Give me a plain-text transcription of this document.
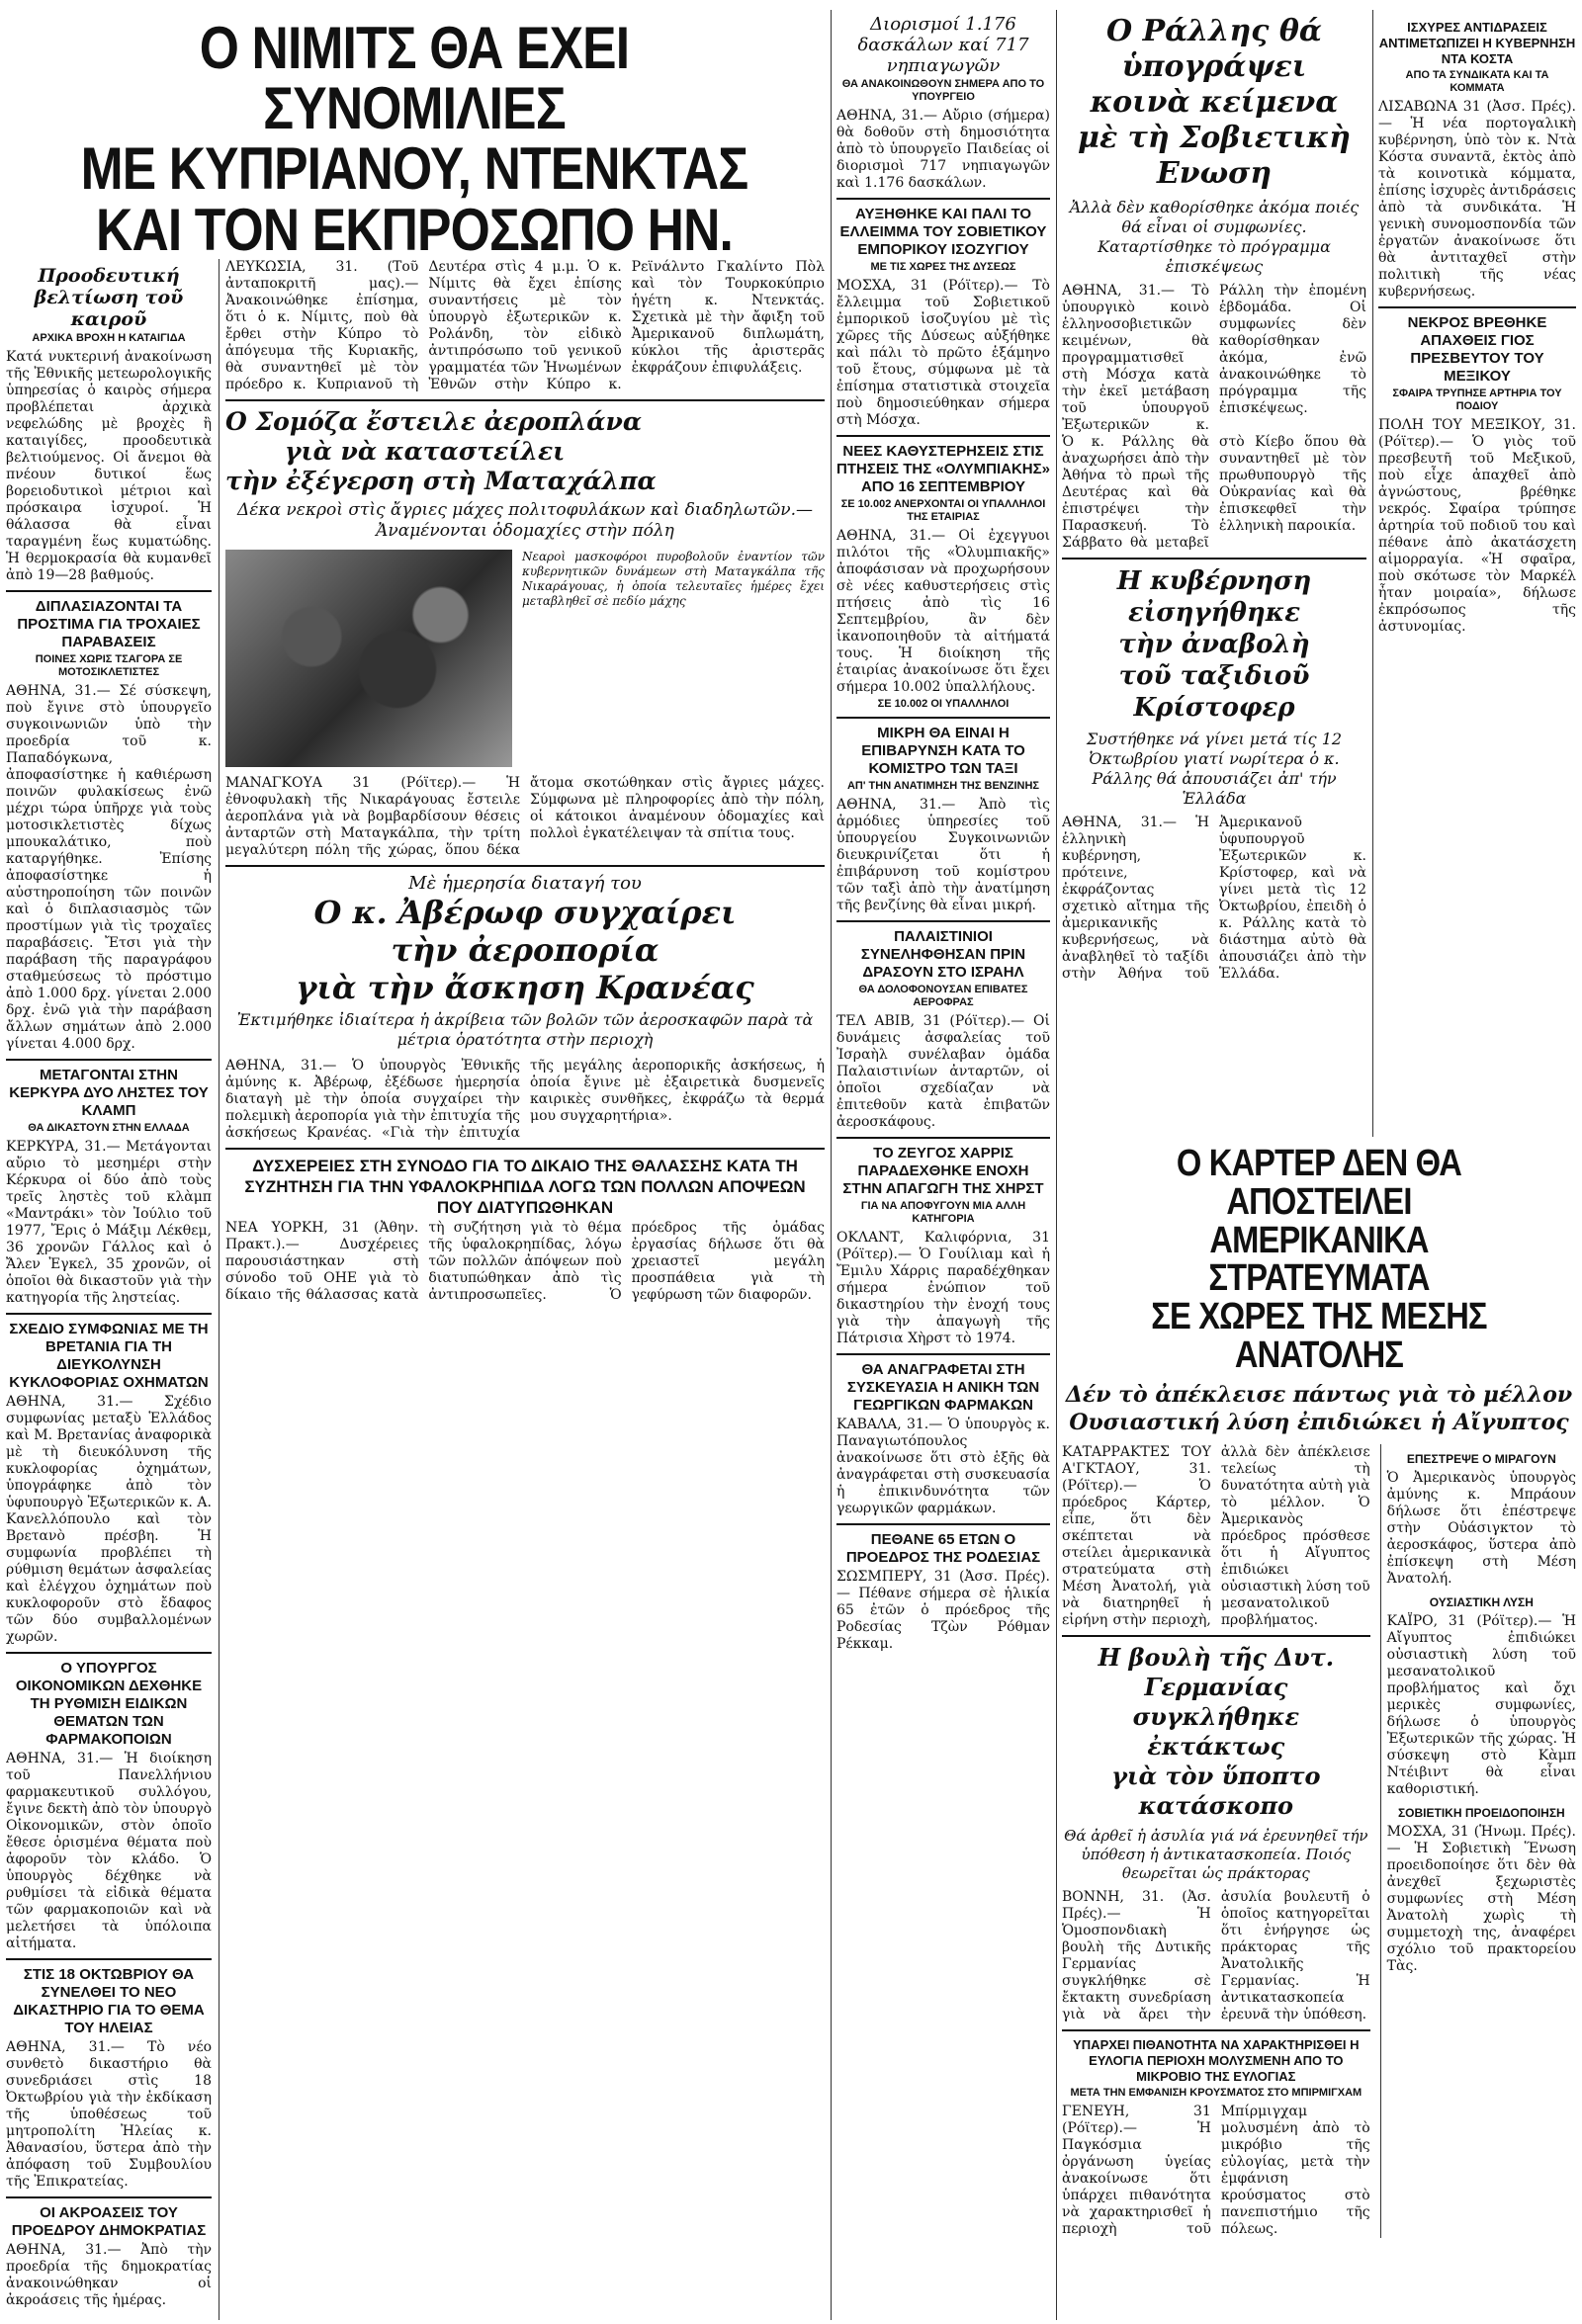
Ο ΝΙΜΙΤΣ ΘΑ ΕΧΕΙ ΣΥΝΟΜΙΛΙΕΣ

ΜΕ ΚΥΠΡΙΑΝΟΥ, ΝΤΕΝΚΤΑΣ

ΚΑΙ ΤΟΝ ΕΚΠΡΟΣΩΠΟ ΗΝ.

Προοδευτική βελτίωση τοῦ καιροῦ

ΑΡΧΙΚΑ ΒΡΟΧΗ Η ΚΑΤΑΙΓΙΔΑ

Κατά νυκτερινή ἀνακοίνωση τῆς Ἐθνικῆς μετεωρολογικῆς ὑπηρεσίας ὁ καιρὸς σήμερα προβλέπεται ἀρχικὰ νεφελώδης μὲ βροχὲς ἢ καταιγίδες, προοδευτικὰ βελτιούμενος. Οἱ ἄνεμοι θὰ πνέουν δυτικοί ἕως βορειοδυτικοὶ μέτριοι καὶ πρόσκαιρα ἰσχυροί. Ἡ θάλασσα θὰ εἶναι ταραγμένη ἕως κυματώδης. Ἡ θερμοκρασία θὰ κυμανθεῖ ἀπὸ 19—28 βαθμούς.

ΔΙΠΛΑΣΙΑΖΟΝΤΑΙ ΤΑ ΠΡΟΣΤΙΜΑ ΓΙΑ ΤΡΟΧΑΙΕΣ ΠΑΡΑΒΑΣΕΙΣ

ΠΟΙΝΕΣ ΧΩΡΙΣ ΤΣΑΓΟΡΑ ΣΕ ΜΟΤΟΣΙΚΛΕΤΙΣΤΕΣ

ΑΘΗΝΑ, 31.— Σέ σύσκεψη, ποὺ ἔγινε στὸ ὑπουργεῖο συγκοινωνιῶν ὑπὸ τὴν προεδρία τοῦ κ. Παπαδόγκωνα, ἀποφασίστηκε ἡ καθιέρωση ποινῶν φυλακίσεως ἐνῶ μέχρι τώρα ὑπῆρχε γιὰ τοὺς μοτοσικλετιστὲς δίχως μπουκαλάτικο, ποὺ καταργήθηκε. Ἐπίσης ἀποφασίστηκε ἡ αὐστηροποίηση τῶν ποινῶν καὶ ὁ διπλασιασμὸς τῶν προστίμων γιὰ τὶς τροχαῖες παραβάσεις. Ἔτσι γιὰ τὴν παράβαση τῆς παραγράφου σταθμεύσεως τὸ πρόστιμο ἀπὸ 1.000 δρχ. γίνεται 2.000 δρχ. ἐνῶ γιὰ τὴν παράβαση ἄλλων σημάτων ἀπὸ 2.000 γίνεται 4.000 δρχ.

ΜΕΤΑΓΟΝΤΑΙ ΣΤΗΝ ΚΕΡΚΥΡΑ ΔΥΟ ΛΗΣΤΕΣ ΤΟΥ ΚΛΑΜΠ

ΘΑ ΔΙΚΑΣΤΟΥΝ ΣΤΗΝ ΕΛΛΑΔΑ

ΚΕΡΚΥΡΑ, 31.— Μετάγονται αὔριο τὸ μεσημέρι στὴν Κέρκυρα οἱ δύο ἀπὸ τοὺς τρεῖς ληστὲς τοῦ κλὰμπ «Μαντράκι» τὸν Ἰούλιο τοῦ 1977, Ἔρις ὁ Μάξιμ Λέκθεμ, 36 χρονῶν Γάλλος καὶ ὁ Ἄλεν Ἐγκελ, 35 χρονῶν, οἱ ὁποῖοι θὰ δικαστοῦν γιὰ τὴν κατηγορία τῆς ληστείας.

ΣΧΕΔΙΟ ΣΥΜΦΩΝΙΑΣ ΜΕ ΤΗ ΒΡΕΤΑΝΙΑ ΓΙΑ ΤΗ ΔΙΕΥΚΟΛΥΝΣΗ ΚΥΚΛΟΦΟΡΙΑΣ ΟΧΗΜΑΤΩΝ

ΑΘΗΝΑ, 31.— Σχέδιο συμφωνίας μεταξὺ Ἑλλάδος καὶ Μ. Βρετανίας ἀναφορικὰ μὲ τὴ διευκόλυνση τῆς κυκλοφορίας ὀχημάτων, ὑπογράφηκε ἀπὸ τὸν ὑφυπουργὸ Ἐξωτερικῶν κ. Α. Κανελλόπουλο καὶ τὸν Βρετανὸ πρέσβη. Ἡ συμφωνία προβλέπει τὴ ρύθμιση θεμάτων ἀσφαλείας καὶ ἐλέγχου ὀχημάτων ποὺ κυκλοφοροῦν στὸ ἔδαφος τῶν δύο συμβαλλομένων χωρῶν.

Ο ΥΠΟΥΡΓΟΣ ΟΙΚΟΝΟΜΙΚΩΝ ΔΕΧΘΗΚΕ ΤΗ ΡΥΘΜΙΣΗ ΕΙΔΙΚΩΝ ΘΕΜΑΤΩΝ ΤΩΝ ΦΑΡΜΑΚΟΠΟΙΩΝ

ΑΘΗΝΑ, 31.— Ἡ διοίκηση τοῦ Πανελλήνιου φαρμακευτικοῦ συλλόγου, ἔγινε δεκτὴ ἀπὸ τὸν ὑπουργὸ Οἰκονομικῶν, στὸν ὁποῖο ἔθεσε ὁρισμένα θέματα ποὺ ἀφοροῦν τὸν κλάδο. Ὁ ὑπουργὸς δέχθηκε νὰ ρυθμίσει τὰ εἰδικὰ θέματα τῶν φαρμακοποιῶν καὶ νὰ μελετήσει τὰ ὑπόλοιπα αἰτήματα.

ΣΤΙΣ 18 ΟΚΤΩΒΡΙΟΥ ΘΑ ΣΥΝΕΛΘΕΙ ΤΟ ΝΕΟ ΔΙΚΑΣΤΗΡΙΟ ΓΙΑ ΤΟ ΘΕΜΑ ΤΟΥ ΗΛΕΙΑΣ

ΑΘΗΝΑ, 31.— Τὸ νέο συνθετὸ δικαστήριο θὰ συνεδριάσει στὶς 18 Ὀκτωβρίου γιὰ τὴν ἐκδίκαση τῆς ὑποθέσεως τοῦ μητροπολίτη Ἠλείας κ. Ἀθανασίου, ὕστερα ἀπὸ τὴν ἀπόφαση τοῦ Συμβουλίου τῆς Ἐπικρατείας.

ΟΙ ΑΚΡΟΑΣΕΙΣ ΤΟΥ ΠΡΟΕΔΡΟΥ ΔΗΜΟΚΡΑΤΙΑΣ

ΑΘΗΝΑ, 31.— Ἀπὸ τὴν προεδρία τῆς δημοκρατίας ἀνακοινώθηκαν οἱ ἀκροάσεις τῆς ἡμέρας.

ΛΕΥΚΩΣΙΑ, 31. (Τοῦ ἀνταποκριτῆ μας).— Ἀνακοινώθηκε ἐπίσημα, ὅτι ὁ κ. Νίμιτς, ποὺ θὰ ἔρθει στὴν Κύπρο τὸ ἀπόγευμα τῆς Κυριακῆς, θὰ συναντηθεῖ μὲ τὸν πρόεδρο κ. Κυπριανοῦ τὴ Δευτέρα στὶς 4 μ.μ. Ὁ κ. Νίμιτς θὰ ἔχει ἐπίσης συναντήσεις μὲ τὸν ὑπουργὸ ἐξωτερικῶν κ. Ρολάνδη, τὸν εἰδικὸ ἀντιπρόσωπο τοῦ γενικοῦ γραμματέα τῶν Ἡνωμένων Ἐθνῶν στὴν Κύπρο κ. Ρεϊνάλντο Γκαλίντο Πὸλ καὶ τὸν Τουρκοκύπριο ἡγέτη κ. Ντενκτάς. Σχετικὰ μὲ τὴν ἄφιξη τοῦ Ἀμερικανοῦ διπλωμάτη, κύκλοι τῆς ἀριστερᾶς ἐκφράζουν ἐπιφυλάξεις.

Ο Σομόζα ἔστειλε ἀεροπλάνα

γιὰ νὰ καταστείλει

τὴν ἐξέγερση στὴ Ματαχάλπα

Δέκα νεκροὶ στὶς ἄγριες μάχες πολιτοφυλάκων καὶ διαδηλωτῶν.— Ἀναμένονται ὁδομαχίες στὴν πόλη

Νεαροὶ μασκοφόροι πυροβολοῦν ἐναντίον τῶν κυβερνητικῶν δυνάμεων στὴ Ματαγκάλπα τῆς Νικαράγουας, ἡ ὁποία τελευταῖες ἡμέρες ἔχει μεταβληθεῖ σὲ πεδίο μάχης

ΜΑΝΑΓΚΟΥΑ 31 (Ρόϊτερ).— Ἡ ἐθνοφυλακὴ τῆς Νικαράγουας ἔστειλε ἀεροπλάνα γιὰ νὰ βομβαρδίσουν θέσεις ἀνταρτῶν στὴ Ματαγκάλπα, τὴν τρίτη μεγαλύτερη πόλη τῆς χώρας, ὅπου δέκα ἄτομα σκοτώθηκαν στὶς ἄγριες μάχες. Σύμφωνα μὲ πληροφορίες ἀπὸ τὴν πόλη, οἱ κάτοικοι ἀναμένουν ὁδομαχίες καὶ πολλοὶ ἐγκατέλειψαν τὰ σπίτια τους.

Μὲ ἡμερησία διαταγή του

Ο κ. Ἀβέρωφ συγχαίρει

τὴν ἀεροπορία

γιὰ τὴν ἄσκηση Κρανέας

Ἐκτιμήθηκε ἰδιαίτερα ἡ ἀκρίβεια τῶν βολῶν τῶν ἀεροσκαφῶν παρὰ τὰ μέτρια ὁρατότητα στὴν περιοχὴ

ΑΘΗΝΑ, 31.— Ὁ ὑπουργὸς Ἐθνικῆς ἀμύνης κ. Ἀβέρωφ, ἐξέδωσε ἡμερησία διαταγὴ μὲ τὴν ὁποία συγχαίρει τὴν πολεμικὴ ἀεροπορία γιὰ τὴν ἐπιτυχία τῆς ἀσκήσεως Κρανέας. «Γιὰ τὴν ἐπιτυχία τῆς μεγάλης ἀεροπορικῆς ἀσκήσεως, ἡ ὁποία ἔγινε μὲ ἐξαιρετικὰ δυσμενεῖς καιρικὲς συνθῆκες, ἐκφράζω τὰ θερμά μου συγχαρητήρια».

ΔΥΣΧΕΡΕΙΕΣ ΣΤΗ ΣΥΝΟΔΟ ΓΙΑ ΤΟ ΔΙΚΑΙΟ ΤΗΣ ΘΑΛΑΣΣΗΣ ΚΑΤΑ ΤΗ ΣΥΖΗΤΗΣΗ ΓΙΑ ΤΗΝ ΥΦΑΛΟΚΡΗΠΙΔΑ ΛΟΓΩ ΤΩΝ ΠΟΛΛΩΝ ΑΠΟΨΕΩΝ ΠΟΥ ΔΙΑΤΥΠΩΘΗΚΑΝ

ΝΕΑ ΥΟΡΚΗ, 31 (Ἀθην. Πρακτ.).— Δυσχέρειες παρουσιάστηκαν στὴ σύνοδο τοῦ ΟΗΕ γιὰ τὸ δίκαιο τῆς θάλασσας κατὰ τὴ συζήτηση γιὰ τὸ θέμα τῆς ὑφαλοκρηπίδας, λόγω τῶν πολλῶν ἀπόψεων ποὺ διατυπώθηκαν ἀπὸ τὶς ἀντιπροσωπεῖες. Ὁ πρόεδρος τῆς ὁμάδας ἐργασίας δήλωσε ὅτι θὰ χρειαστεῖ μεγάλη προσπάθεια γιὰ τὴ γεφύρωση τῶν διαφορῶν.

Διορισμοί 1.176 δασκάλων καί 717 νηπιαγωγῶν

ΘΑ ΑΝΑΚΟΙΝΩΘΟΥΝ ΣΗΜΕΡΑ ΑΠΟ ΤΟ ΥΠΟΥΡΓΕΙΟ

ΑΘΗΝΑ, 31.— Αὔριο (σήμερα) θὰ δοθοῦν στὴ δημοσιότητα ἀπὸ τὸ ὑπουργεῖο Παιδείας οἱ διορισμοὶ 717 νηπιαγωγῶν καὶ 1.176 δασκάλων.

ΑΥΞΗΘΗΚΕ ΚΑΙ ΠΑΛΙ ΤΟ ΕΛΛΕΙΜΜΑ ΤΟΥ ΣΟΒΙΕΤΙΚΟΥ ΕΜΠΟΡΙΚΟΥ ΙΣΟΖΥΓΙΟΥ

ΜΕ ΤΙΣ ΧΩΡΕΣ ΤΗΣ ΔΥΣΕΩΣ

ΜΟΣΧΑ, 31 (Ρόϊτερ).— Τὸ ἔλλειμμα τοῦ Σοβιετικοῦ ἐμπορικοῦ ἰσοζυγίου μὲ τὶς χῶρες τῆς Δύσεως αὐξήθηκε καὶ πάλι τὸ πρῶτο ἑξάμηνο τοῦ ἔτους, σύμφωνα μὲ τὰ ἐπίσημα στατιστικὰ στοιχεῖα ποὺ δημοσιεύθηκαν σήμερα στὴ Μόσχα.

ΝΕΕΣ ΚΑΘΥΣΤΕΡΗΣΕΙΣ ΣΤΙΣ ΠΤΗΣΕΙΣ ΤΗΣ «ΟΛΥΜΠΙΑΚΗΣ» ΑΠΟ 16 ΣΕΠΤΕΜΒΡΙΟΥ

ΣΕ 10.002 ΑΝΕΡΧΟΝΤΑΙ ΟΙ ΥΠΑΛΛΗΛΟΙ ΤΗΣ ΕΤΑΙΡΙΑΣ

ΑΘΗΝΑ, 31.— Οἱ ἐχεγγυοι πιλότοι τῆς «Ὀλυμπιακῆς» ἀποφάσισαν νὰ προχωρήσουν σὲ νέες καθυστερήσεις στὶς πτήσεις ἀπὸ τὶς 16 Σεπτεμβρίου, ἂν δὲν ἱκανοποιηθοῦν τὰ αἰτήματά τους. Ἡ διοίκηση τῆς ἑταιρίας ἀνακοίνωσε ὅτι ἔχει σήμερα 10.002 ὑπαλλήλους.

ΣΕ 10.002 ΟΙ ΥΠΑΛΛΗΛΟΙ

ΜΙΚΡΗ ΘΑ ΕΙΝΑΙ Η ΕΠΙΒΑΡΥΝΣΗ ΚΑΤΑ ΤΟ ΚΟΜΙΣΤΡΟ ΤΩΝ ΤΑΞΙ

ΑΠ' ΤΗΝ ΑΝΑΤΙΜΗΣΗ ΤΗΣ ΒΕΝΖΙΝΗΣ

ΑΘΗΝΑ, 31.— Ἀπὸ τὶς ἁρμόδιες ὑπηρεσίες τοῦ ὑπουργείου Συγκοινωνιῶν διευκρινίζεται ὅτι ἡ ἐπιβάρυνση τοῦ κομίστρου τῶν ταξὶ ἀπὸ τὴν ἀνατίμηση τῆς βενζίνης θὰ εἶναι μικρή.

ΠΑΛΑΙΣΤΙΝΙΟΙ ΣΥΝΕΛΗΦΘΗΣΑΝ ΠΡΙΝ ΔΡΑΣΟΥΝ ΣΤΟ ΙΣΡΑΗΛ

ΘΑ ΔΟΛΟΦΟΝΟΥΣΑΝ ΕΠΙΒΑΤΕΣ ΑΕΡΟΦΡΑΣ

ΤΕΛ ΑΒΙΒ, 31 (Ρόϊτερ).— Οἱ δυνάμεις ἀσφαλείας τοῦ Ἰσραὴλ συνέλαβαν ὁμάδα Παλαιστινίων ἀνταρτῶν, οἱ ὁποῖοι σχεδίαζαν νὰ ἐπιτεθοῦν κατὰ ἐπιβατῶν ἀεροσκάφους.

ΤΟ ΖΕΥΓΟΣ ΧΑΡΡΙΣ ΠΑΡΑΔΕΧΘΗΚΕ ΕΝΟΧΗ ΣΤΗΝ ΑΠΑΓΩΓΗ ΤΗΣ ΧΗΡΣΤ

ΓΙΑ ΝΑ ΑΠΟΦΥΓΟΥΝ ΜΙΑ ΑΛΛΗ ΚΑΤΗΓΟΡΙΑ

ΟΚΛΑΝΤ, Καλιφόρνια, 31 (Ρόϊτερ).— Ὁ Γουίλιαμ καὶ ἡ Ἔμιλυ Χάρρις παραδέχθηκαν σήμερα ἐνώπιον τοῦ δικαστηρίου τὴν ἐνοχή τους γιὰ τὴν ἀπαγωγὴ τῆς Πάτρισια Χὴρστ τὸ 1974.

ΘΑ ΑΝΑΓΡΑΦΕΤΑΙ ΣΤΗ ΣΥΣΚΕΥΑΣΙΑ Η ΑΝΙΚΗ ΤΩΝ ΓΕΩΡΓΙΚΩΝ ΦΑΡΜΑΚΩΝ

ΚΑΒΑΛΑ, 31.— Ὁ ὑπουργὸς κ. Παναγιωτόπουλος ἀνακοίνωσε ὅτι στὸ ἑξῆς θὰ ἀναγράφεται στὴ συσκευασία ἡ ἐπικινδυνότητα τῶν γεωργικῶν φαρμάκων.

ΠΕΘΑΝΕ 65 ΕΤΩΝ Ο ΠΡΟΕΔΡΟΣ ΤΗΣ ΡΟΔΕΣΙΑΣ

ΣΩΣΜΠΕΡΥ, 31 (Ἀσσ. Πρές).— Πέθανε σήμερα σὲ ἡλικία 65 ἐτῶν ὁ πρόεδρος τῆς Ροδεσίας Τζὼν Ρόθμαν Ρέκκαμ.

Ο Ράλλης θά ὑπογράψει

κοινὰ κείμενα

μὲ τὴ Σοβιετικὴ Ενωση

Ἀλλὰ δὲν καθορίσθηκε ἀκόμα ποιές θά εἶναι οἱ συμφωνίες. Καταρτίσθηκε τὸ πρόγραμμα ἐπισκέψεως

ΑΘΗΝΑ, 31.— Τὸ ὑπουργικὸ κοινὸ ἑλληνοσοβιετικῶν κειμένων, θὰ προγραμματισθεῖ στὴ Μόσχα κατὰ τὴν ἐκεῖ μετάβαση τοῦ ὑπουργοῦ Ἐξωτερικῶν κ. Ράλλη τὴν ἑπομένη ἑβδομάδα. Οἱ συμφωνίες δὲν καθορίσθηκαν ἀκόμα, ἐνῶ ἀνακοινώθηκε τὸ πρόγραμμα τῆς ἐπισκέψεως.

Ὁ κ. Ράλλης θὰ ἀναχωρήσει ἀπὸ τὴν Ἀθήνα τὸ πρωὶ τῆς Δευτέρας καὶ θὰ ἐπιστρέψει τὴν Παρασκευή. Τὸ Σάββατο θὰ μεταβεῖ στὸ Κίεβο ὅπου θὰ συναντηθεῖ μὲ τὸν πρωθυπουργὸ τῆς Οὐκρανίας καὶ θὰ ἐπισκεφθεῖ τὴν ἑλληνικὴ παροικία.

Η κυβέρνηση εἰσηγήθηκε

τὴν ἀναβολὴ

τοῦ ταξιδιοῦ Κρίστοφερ

Συστήθηκε νά γίνει μετά τίς 12 Ὀκτωβρίου γιατί νωρίτερα ὁ κ. Ράλλης θά ἀπουσιάζει ἀπ' τήν Ἑλλάδα

ΑΘΗΝΑ, 31.— Ἡ ἑλληνικὴ κυβέρνηση, πρότεινε, ἐκφράζοντας σχετικὸ αἴτημα τῆς ἀμερικανικῆς κυβερνήσεως, νὰ ἀναβληθεῖ τὸ ταξίδι στὴν Ἀθήνα τοῦ Ἀμερικανοῦ ὑφυπουργοῦ Ἐξωτερικῶν κ. Κρίστοφερ, καὶ νὰ γίνει μετὰ τὶς 12 Ὀκτωβρίου, ἐπειδὴ ὁ κ. Ράλλης κατὰ τὸ διάστημα αὐτὸ θὰ ἀπουσιάζει ἀπὸ τὴν Ἑλλάδα.

ΙΣΧΥΡΕΣ ΑΝΤΙΔΡΑΣΕΙΣ ΑΝΤΙΜΕΤΩΠΙΖΕΙ Η ΚΥΒΕΡΝΗΣΗ ΝΤΑ ΚΟΣΤΑ

ΑΠΟ ΤΑ ΣΥΝΔΙΚΑΤΑ ΚΑΙ ΤΑ ΚΟΜΜΑΤΑ

ΛΙΣΑΒΩΝΑ 31 (Ἀσσ. Πρές).— Ἡ νέα πορτογαλικὴ κυβέρνηση, ὑπὸ τὸν κ. Ντὰ Κόστα συναντᾶ, ἐκτὸς ἀπὸ τὰ κοινοτικὰ κόμματα, ἐπίσης ἰσχυρὲς ἀντιδράσεις ἀπὸ τὰ συνδικάτα. Ἡ γενικὴ συνομοσπονδία τῶν ἐργατῶν ἀνακοίνωσε ὅτι θὰ ἀντιταχθεῖ στὴν πολιτικὴ τῆς νέας κυβερνήσεως.

ΝΕΚΡΟΣ ΒΡΕΘΗΚΕ ΑΠΑΧΘΕΙΣ ΓΙΟΣ ΠΡΕΣΒΕΥΤΟΥ ΤΟΥ ΜΕΞΙΚΟΥ

ΣΦΑΙΡΑ ΤΡΥΠΗΣΕ ΑΡΤΗΡΙΑ ΤΟΥ ΠΟΔΙΟΥ

ΠΟΛΗ ΤΟΥ ΜΕΞΙΚΟΥ, 31. (Ρόϊτερ).— Ὁ γιὸς τοῦ πρεσβευτῆ τοῦ Μεξικοῦ, ποὺ εἶχε ἀπαχθεῖ ἀπὸ ἀγνώστους, βρέθηκε νεκρός. Σφαίρα τρύπησε ἀρτηρία τοῦ ποδιοῦ του καὶ πέθανε ἀπὸ ἀκατάσχετη αἱμορραγία. «Ἡ σφαῖρα, ποὺ σκότωσε τὸν Μαρκέλ ἦταν μοιραία», δήλωσε ἐκπρόσωπος τῆς ἀστυνομίας.

Ο ΚΑΡΤΕΡ ΔΕΝ ΘΑ ΑΠΟΣΤΕΙΛΕΙ

ΑΜΕΡΙΚΑΝΙΚΑ ΣΤΡΑΤΕΥΜΑΤΑ

ΣΕ ΧΩΡΕΣ ΤΗΣ ΜΕΣΗΣ ΑΝΑΤΟΛΗΣ

Δέν τὸ ἀπέκλεισε πάντως γιὰ τὸ μέλλον

Ουσιαστική λύση ἐπιδιώκει ἡ Αἴγυπτος

ΚΑΤΑΡΡΑΚΤΕΣ ΤΟΥ Α'ΓΚΤΑΟΥ, 31. (Ρόϊτερ).— Ὁ πρόεδρος Κάρτερ, εἶπε, ὅτι δὲν σκέπτεται νὰ στείλει ἀμερικανικὰ στρατεύματα στὴ Μέση Ἀνατολή, γιὰ νὰ διατηρηθεῖ ἡ εἰρήνη στὴν περιοχὴ, ἀλλὰ δὲν ἀπέκλεισε τελείως τὴ δυνατότητα αὐτὴ γιὰ τὸ μέλλον. Ὁ Ἀμερικανὸς πρόεδρος πρόσθεσε ὅτι ἡ Αἴγυπτος ἐπιδιώκει οὐσιαστικὴ λύση τοῦ μεσανατολικοῦ προβλήματος.

Η βουλὴ τῆς Δυτ. Γερμανίας

συγκλήθηκε ἐκτάκτως

γιὰ τὸν ὕποπτο κατάσκοπο

Θά ἀρθεῖ ἡ ἀσυλία γιά νά ἐρευνηθεῖ τήν ὑπόθεση ἡ ἀντικατασκοπεία. Ποιός θεωρεῖται ὡς πράκτορας

ΒΟΝΝΗ, 31. (Ἀσ. Πρές).— Ἡ Ὁμοσπονδιακὴ βουλὴ τῆς Δυτικῆς Γερμανίας συγκλήθηκε σὲ ἔκτακτη συνεδρίαση γιὰ νὰ ἄρει τὴν ἀσυλία βουλευτῆ ὁ ὁποῖος κατηγορεῖται ὅτι ἐνήργησε ὡς πράκτορας τῆς Ἀνατολικῆς Γερμανίας. Ἡ ἀντικατασκοπεία ἐρευνᾶ τὴν ὑπόθεση.

ΥΠΑΡΧΕΙ ΠΙΘΑΝΟΤΗΤΑ ΝΑ ΧΑΡΑΚΤΗΡΙΣΘΕΙ Η ΕΥΛΟΓΙΑ ΠΕΡΙΟΧΗ ΜΟΛΥΣΜΕΝΗ ΑΠΟ ΤΟ ΜΙΚΡΟΒΙΟ ΤΗΣ ΕΥΛΟΓΙΑΣ

ΜΕΤΑ ΤΗΝ ΕΜΦΑΝΙΣΗ ΚΡΟΥΣΜΑΤΟΣ ΣΤΟ ΜΠΙΡΜΙΓΧΑΜ

ΓΕΝΕΥΗ, 31 (Ρόϊτερ).— Ἡ Παγκόσμια ὀργάνωση ὑγείας ἀνακοίνωσε ὅτι ὑπάρχει πιθανότητα νὰ χαρακτηρισθεῖ ἡ περιοχὴ τοῦ Μπίρμιγχαμ μολυσμένη ἀπὸ τὸ μικρόβιο τῆς εὐλογίας, μετὰ τὴν ἐμφάνιση κρούσματος στὸ πανεπιστήμιο τῆς πόλεως.

ΕΠΕΣΤΡΕΨΕ Ο ΜΙΡΑΓΟΥΝ

Ὁ Ἀμερικανὸς ὑπουργὸς ἀμύνης κ. Μπράουν δήλωσε ὅτι ἐπέστρεψε στὴν Οὐάσιγκτον τὸ ἀεροσκάφος, ὕστερα ἀπὸ ἐπίσκεψη στὴ Μέση Ἀνατολή.

ΟΥΣΙΑΣΤΙΚΗ ΛΥΣΗ

ΚΑΪΡΟ, 31 (Ρόϊτερ).— Ἡ Αἴγυπτος ἐπιδιώκει οὐσιαστικὴ λύση τοῦ μεσανατολικοῦ προβλήματος καὶ ὄχι μερικὲς συμφωνίες, δήλωσε ὁ ὑπουργὸς Ἐξωτερικῶν τῆς χώρας. Ἡ σύσκεψη στὸ Κὰμπ Ντέιβιντ θὰ εἶναι καθοριστική.

ΣΟΒΙΕΤΙΚΗ ΠΡΟΕΙΔΟΠΟΙΗΣΗ

ΜΟΣΧΑ, 31 (Ἡνωμ. Πρές).— Ἡ Σοβιετικὴ Ἕνωση προειδοποίησε ὅτι δὲν θὰ ἀνεχθεῖ ξεχωριστὲς συμφωνίες στὴ Μέση Ἀνατολὴ χωρὶς τὴ συμμετοχὴ της, ἀναφέρει σχόλιο τοῦ πρακτορείου Τὰς.
